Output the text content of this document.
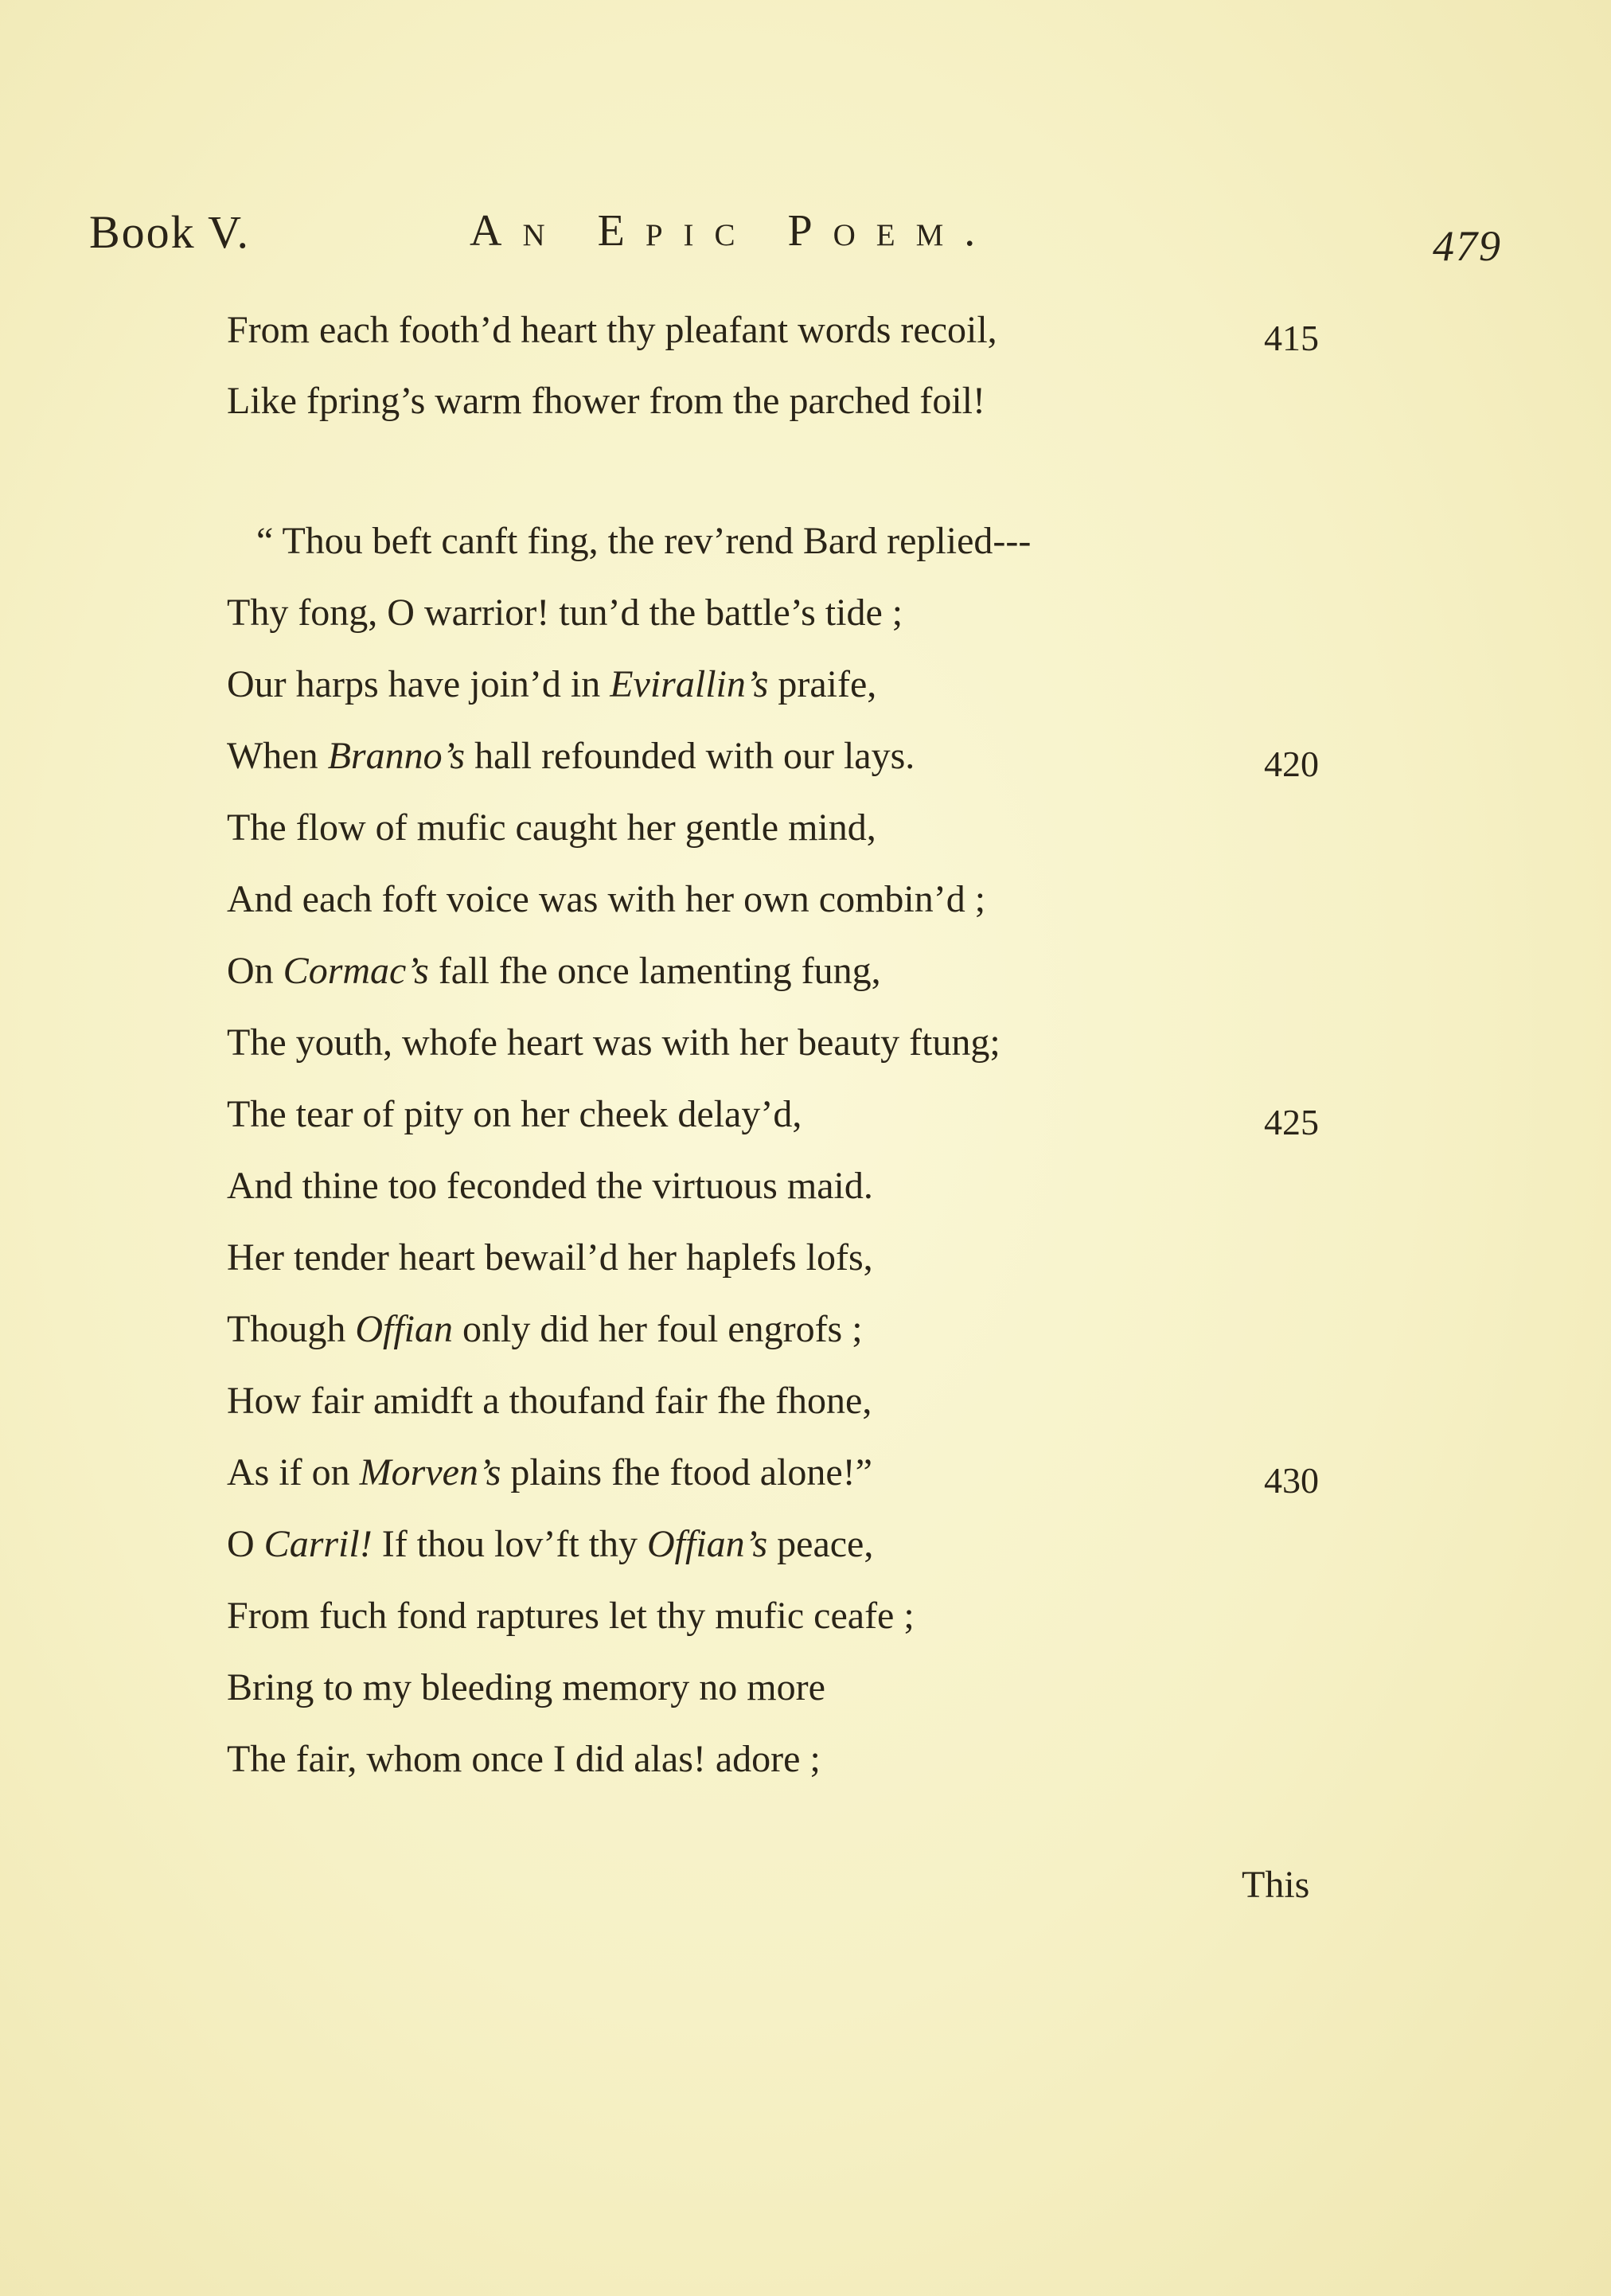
Book V.	An Epic Poem.	479
From each footh’d heart thy pleafant words recoil,
Like fpring’s warm fhower from the parched foil!
“ Thou beft canft fing, the rev’rend Bard replied---
Thy fong, O warrior! tun’d the battle’s tide ;
Our harps have join’d in Evirallin’s praife,
When Branno’s hall refounded with our lays.
The flow of mufic caught her gentle mind,
And each foft voice was with her own combin’d ;
On Cormac’s fall fhe once lamenting fung,
The youth, whofe heart was with her beauty ftung;
The tear of pity on her cheek delay’d,
And thine too feconded the virtuous maid.
Her tender heart bewail’d her haplefs lofs,
Though Offian only did her foul engrofs ;
How fair amidft a thoufand fair fhe fhone,
As if on Morven’s plains fhe ftood alone!”
O Carril! If thou lov’ft thy Offian’s peace,
From fuch fond raptures let thy mufic ceafe ;
Bring to my bleeding memory no more
The fair, whom once I did alas! adore ;
415
420
425
430
This
